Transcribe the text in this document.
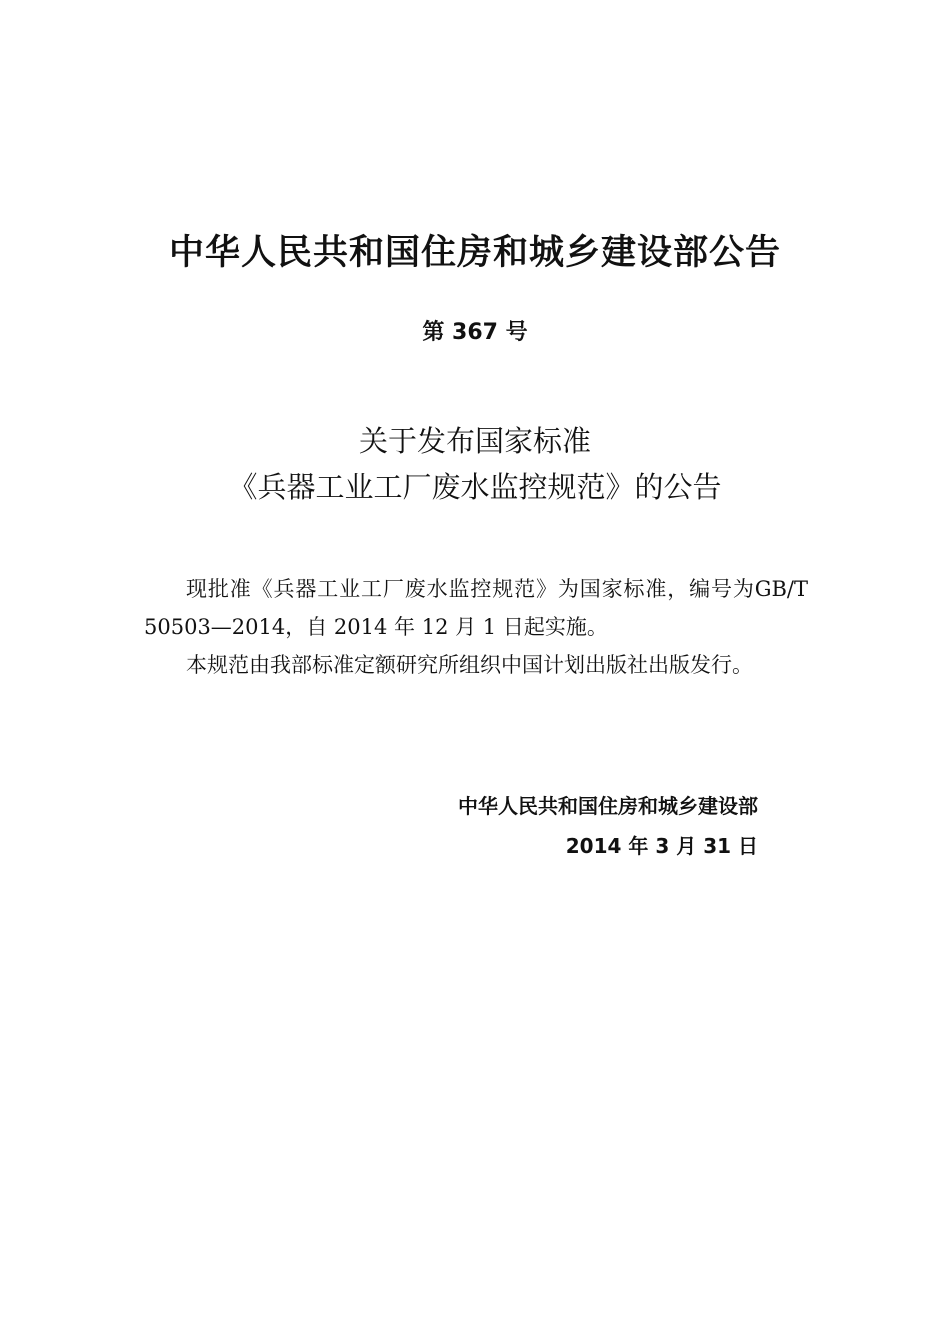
中华人民共和国住房和城乡建设部公告
第 367 号
关于发布国家标准
《兵器工业工厂废水监控规范》的公告

现批准《兵器工业工厂废水监控规范》为国家标准，编号为GB/T 50503—2014，自 2014 年 12 月 1 日起实施。

本规范由我部标准定额研究所组织中国计划出版社出版发行。

中华人民共和国住房和城乡建设部
2014 年 3 月 31 日
